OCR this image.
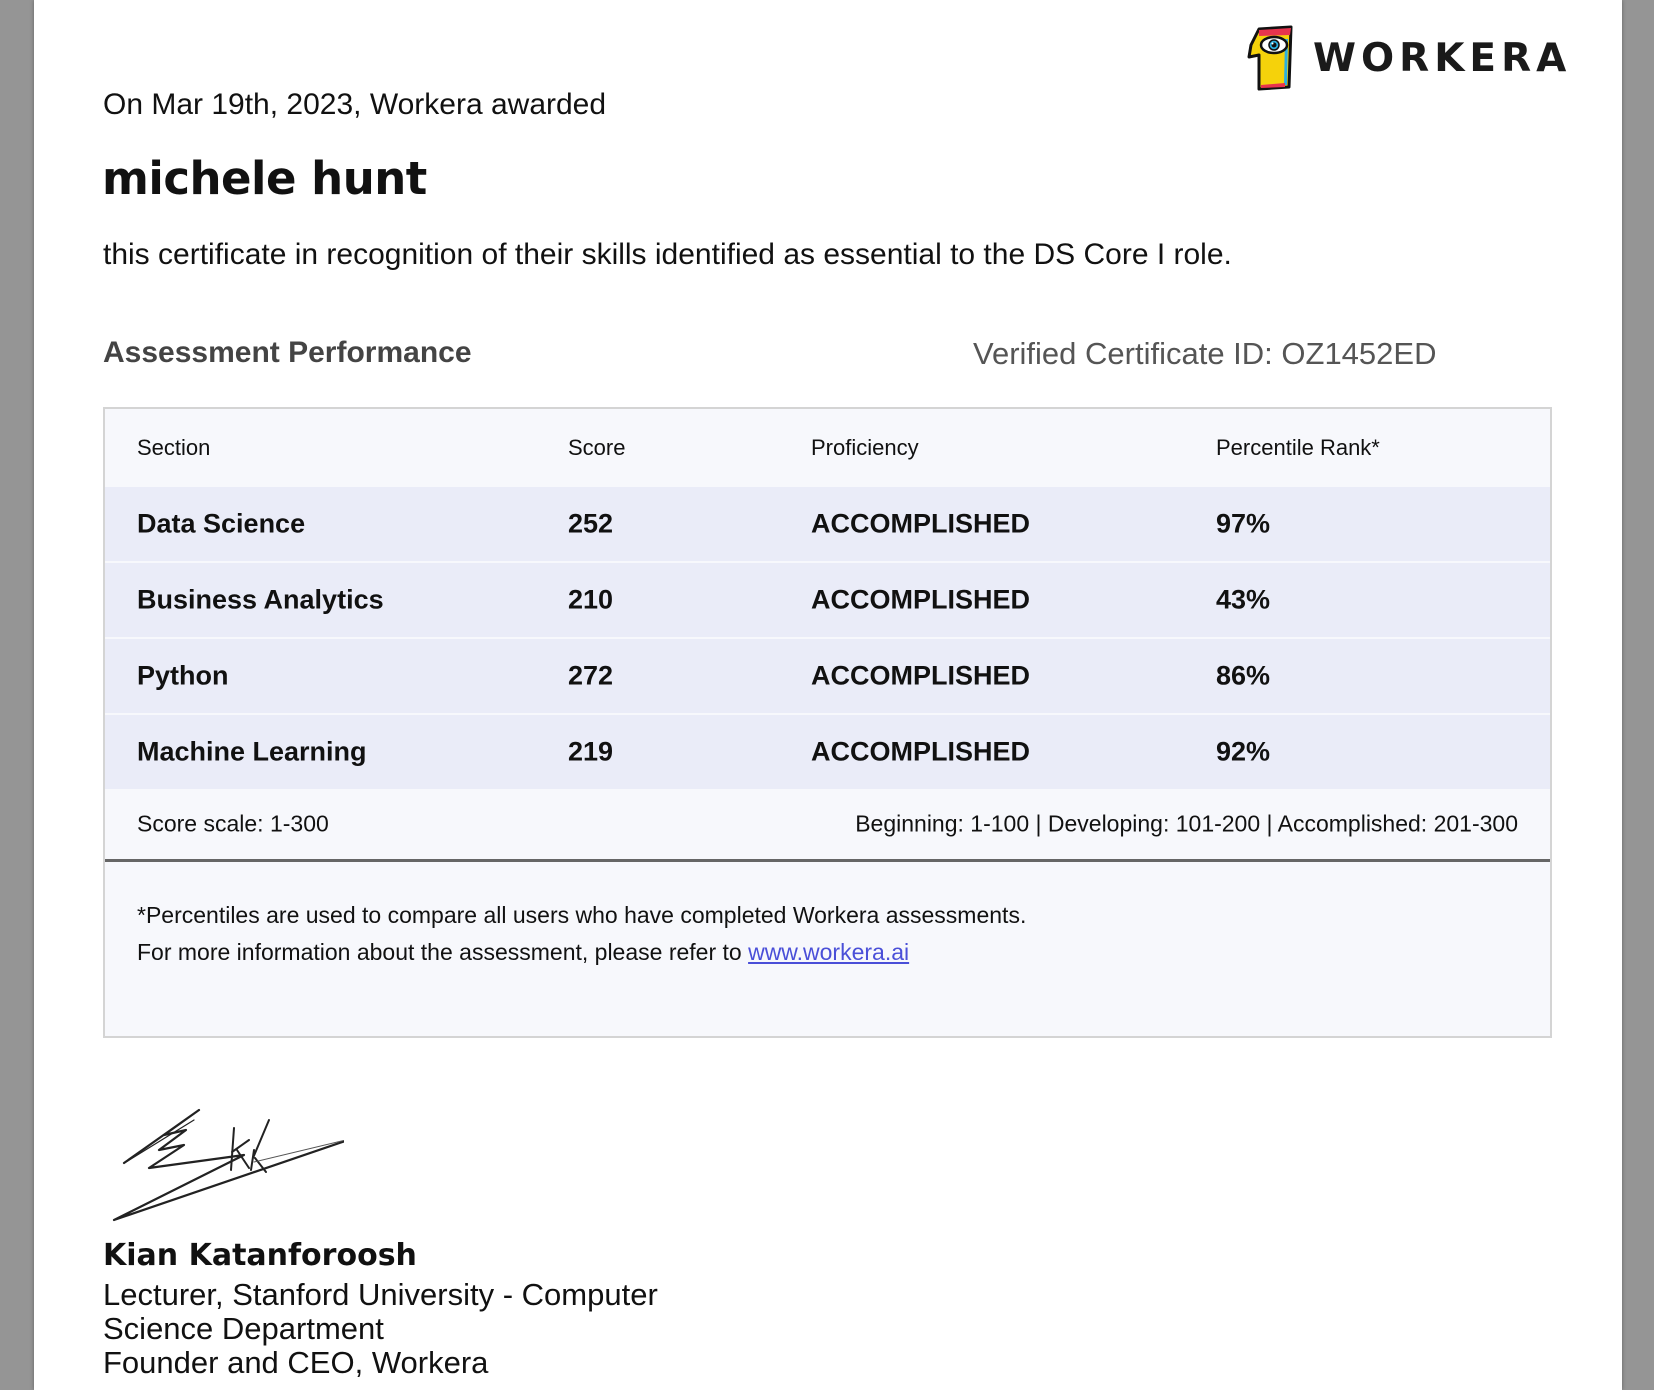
WORKERA
On Mar 19th, 2023, Workera awarded
michele hunt
this certificate in recognition of their skills identified as essential to the DS Core I role.
Assessment Performance	Verified Certificate ID: OZ1452ED
Section	Score	Proficiency	Percentile Rank*
Data Science	252	ACCOMPLISHED	97%
Business Analytics	210	ACCOMPLISHED	43%
Python	272	ACCOMPLISHED	86%
Machine Learning	219	ACCOMPLISHED	92%
Score scale: 1-300	Beginning: 1-100 | Developing: 101-200 | Accomplished: 201-300
*Percentiles are used to compare all users who have completed Workera assessments.
For more information about the assessment, please refer to www.workera.ai
Kian Katanforoosh
Lecturer, Stanford University - Computer Science Department
Founder and CEO, Workera
